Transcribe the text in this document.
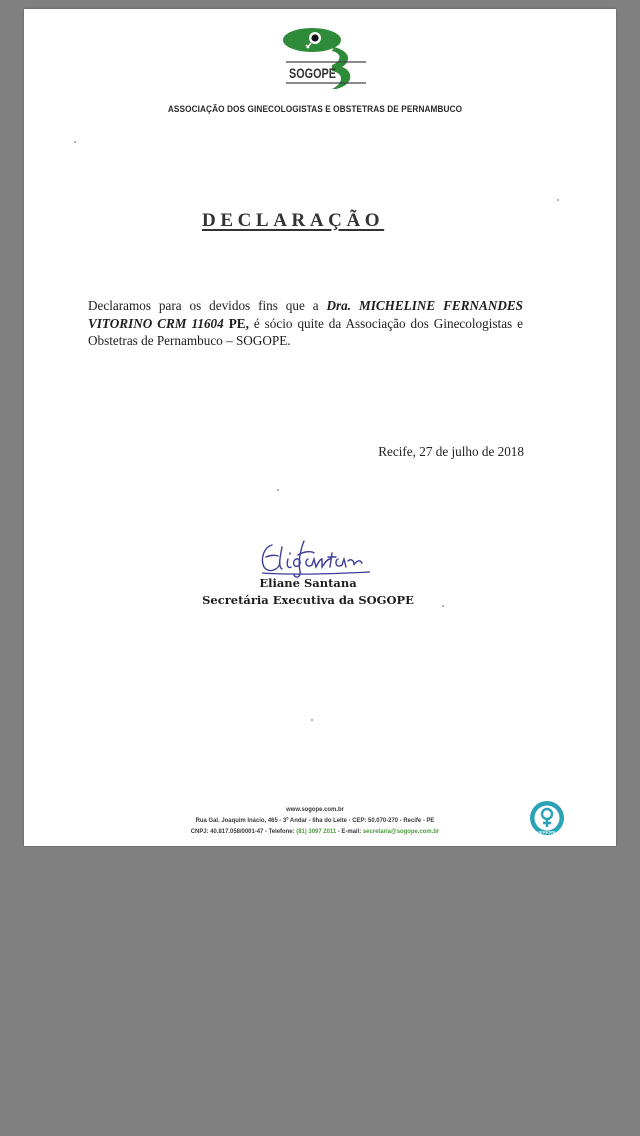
SOGOPE
ASSOCIAÇÃO DOS GINECOLOGISTAS E OBSTETRAS DE PERNAMBUCO
DECLARAÇÃO
Declaramos para os devidos fins que a Dra. MICHELINE FERNANDES VITORINO CRM 11604 PE, é sócio quite da Associação dos Ginecologistas e Obstetras de Pernambuco – SOGOPE.
Recife, 27 de julho de 2018
Eliane Santana
Secretária Executiva da SOGOPE
www.sogope.com.br
Rua Gal. Joaquim Inácio, 465 - 3º Andar - Ilha do Leite - CEP: 50.070-270 - Recife - PE
CNPJ: 40.817.058/0001-47 - Telefone: (81) 3097 2011 - E-mail: secretaria@sogope.com.br	SOGOPE
